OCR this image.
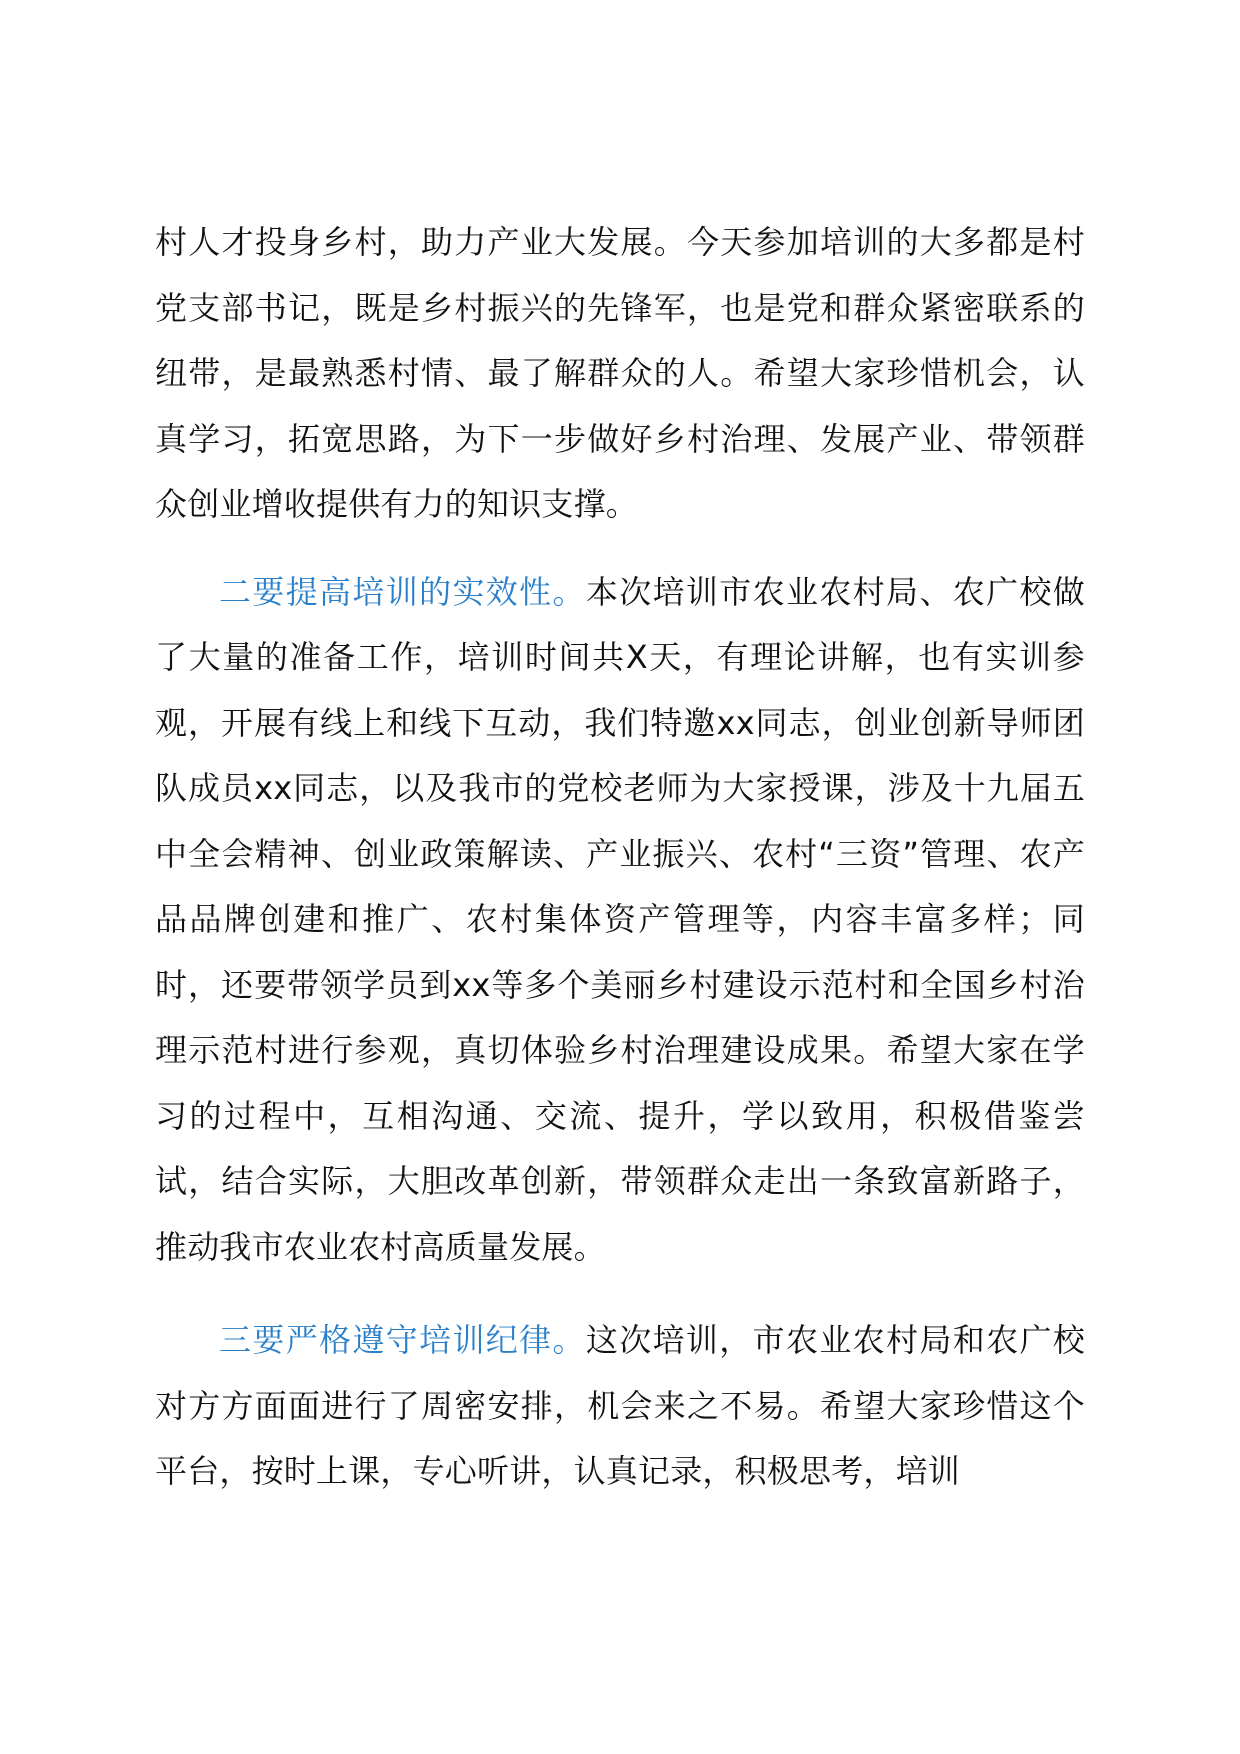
村人才投身乡村，助力产业大发展。今天参加培训的大多都是村党支部书记，既是乡村振兴的先锋军，也是党和群众紧密联系的纽带，是最熟悉村情、最了解群众的人。希望大家珍惜机会，认真学习，拓宽思路，为下一步做好乡村治理、发展产业、带领群众创业增收提供有力的知识支撑。

二要提高培训的实效性。本次培训市农业农村局、农广校做了大量的准备工作，培训时间共X天，有理论讲解，也有实训参观，开展有线上和线下互动，我们特邀xx同志，创业创新导师团队成员xx同志，以及我市的党校老师为大家授课，涉及十九届五中全会精神、创业政策解读、产业振兴、农村“三资”管理、农产品品牌创建和推广、农村集体资产管理等，内容丰富多样；同时，还要带领学员到xx等多个美丽乡村建设示范村和全国乡村治理示范村进行参观，真切体验乡村治理建设成果。希望大家在学习的过程中，互相沟通、交流、提升，学以致用，积极借鉴尝试，结合实际，大胆改革创新，带领群众走出一条致富新路子，推动我市农业农村高质量发展。

三要严格遵守培训纪律。这次培训，市农业农村局和农广校对方方面面进行了周密安排，机会来之不易。希望大家珍惜这个平台，按时上课，专心听讲，认真记录，积极思考，培训
